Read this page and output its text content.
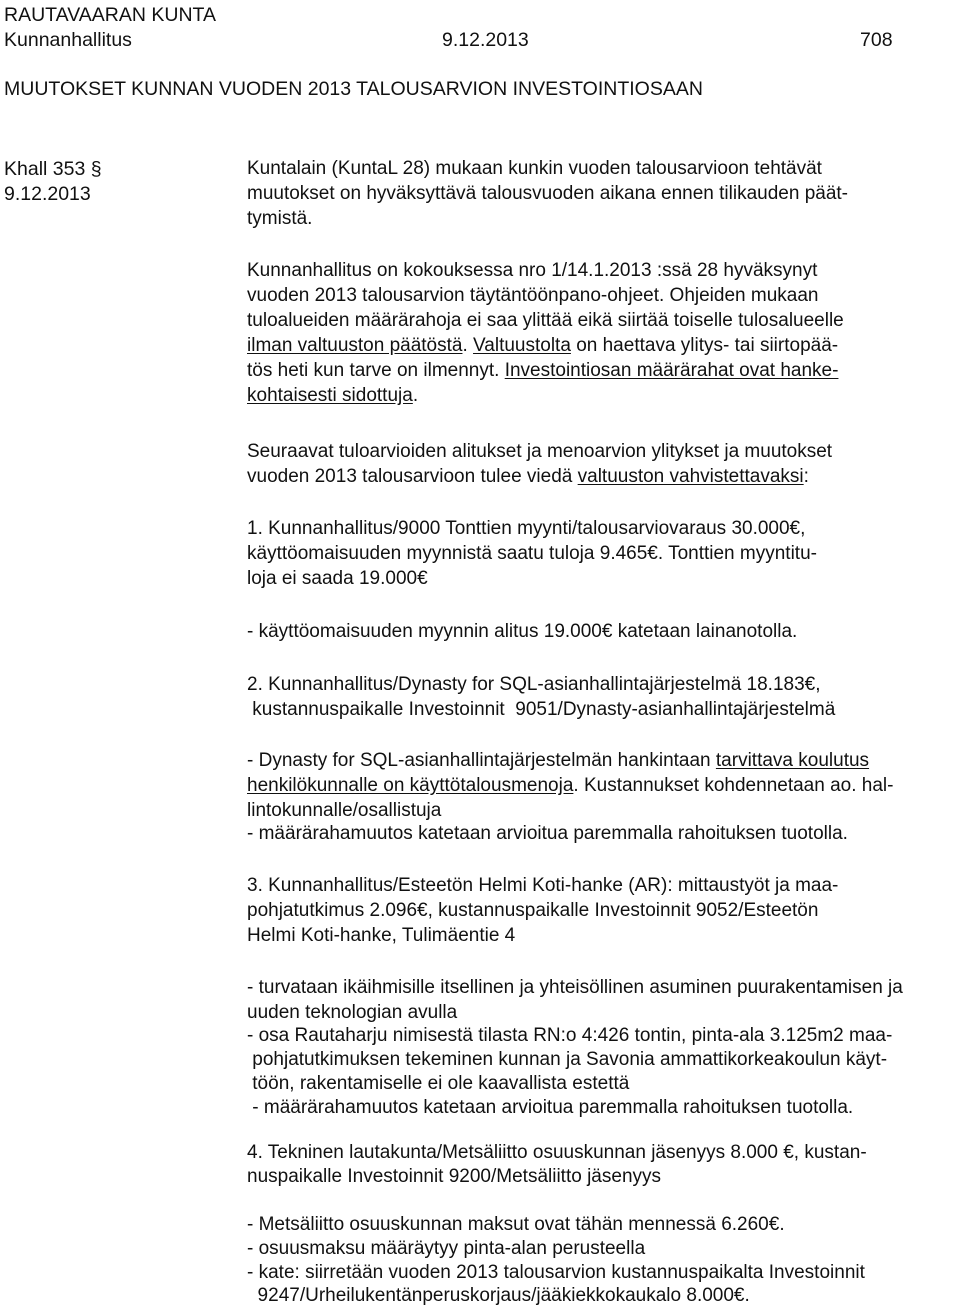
RAUTAVAARAN KUNTA
Kunnanhallitus	9.12.2013	708
MUUTOKSET KUNNAN VUODEN 2013 TALOUSARVION INVESTOINTIOSAAN
Khall 353 §
9.12.2013
Kuntalain (KuntaL 28) mukaan kunkin vuoden talousarvioon tehtävät
muutokset on hyväksyttävä talousvuoden aikana ennen tilikauden päät-
tymistä.
Kunnanhallitus on kokouksessa nro 1/14.1.2013 :ssä 28 hyväksynyt
vuoden 2013 talousarvion täytäntöönpano-ohjeet. Ohjeiden mukaan
tuloalueiden määrärahoja ei saa ylittää eikä siirtää toiselle tulosalueelle
ilman valtuuston päätöstä. Valtuustolta on haettava ylitys- tai siirtopää-
tös heti kun tarve on ilmennyt. Investointiosan määrärahat ovat hanke-
kohtaisesti sidottuja.
Seuraavat tuloarvioiden alitukset ja menoarvion ylitykset ja muutokset
vuoden 2013 talousarvioon tulee viedä valtuuston vahvistettavaksi:
1. Kunnanhallitus/9000 Tonttien myynti/talousarviovaraus 30.000€,
käyttöomaisuuden myynnistä saatu tuloja 9.465€. Tonttien myyntitu-
loja ei saada 19.000€
- käyttöomaisuuden myynnin alitus 19.000€ katetaan lainanotolla.
2. Kunnanhallitus/Dynasty for SQL-asianhallintajärjestelmä 18.183€,
kustannuspaikalle Investoinnit  9051/Dynasty-asianhallintajärjestelmä
- Dynasty for SQL-asianhallintajärjestelmän hankintaan tarvittava koulutus
henkilökunnalle on käyttötalousmenoja. Kustannukset kohdennetaan ao. hal-
lintokunnalle/osallistuja
- määrärahamuutos katetaan arvioitua paremmalla rahoituksen tuotolla.
3. Kunnanhallitus/Esteetön Helmi Koti-hanke (AR): mittaustyöt ja maa-
pohjatutkimus 2.096€, kustannuspaikalle Investoinnit 9052/Esteetön
Helmi Koti-hanke, Tulimäentie 4
- turvataan ikäihmisille itsellinen ja yhteisöllinen asuminen puurakentamisen ja
uuden teknologian avulla
- osa Rautaharju nimisestä tilasta RN:o 4:426 tontin, pinta-ala 3.125m2 maa-
pohjatutkimuksen tekeminen kunnan ja Savonia ammattikorkeakoulun käyt-
töön, rakentamiselle ei ole kaavallista estettä
- määrärahamuutos katetaan arvioitua paremmalla rahoituksen tuotolla.
4. Tekninen lautakunta/Metsäliitto osuuskunnan jäsenyys 8.000 €, kustan-
nuspaikalle Investoinnit 9200/Metsäliitto jäsenyys
- Metsäliitto osuuskunnan maksut ovat tähän mennessä 6.260€.
- osuusmaksu määräytyy pinta-alan perusteella
- kate: siirretään vuoden 2013 talousarvion kustannuspaikalta Investoinnit
9247/Urheilukentänperuskorjaus/jääkiekkokaukalo 8.000€.
